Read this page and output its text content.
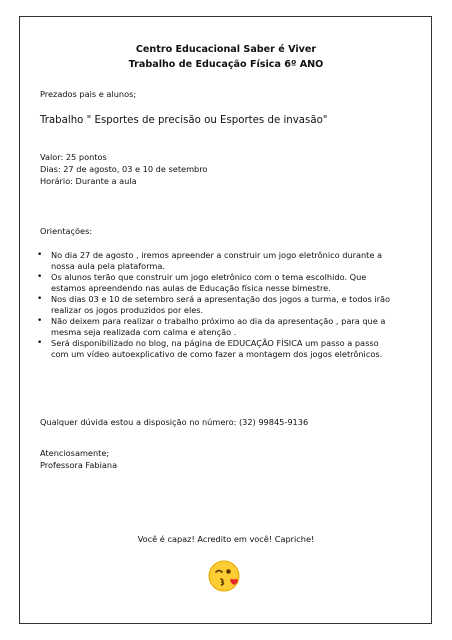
Centro Educacional Saber é Viver
Trabalho de Educação Física 6º ANO
Prezados pais e alunos;
Trabalho " Esportes de precisão ou Esportes de invasão"
Valor: 25 pontos
Dias: 27 de agosto, 03 e 10 de setembro
Horário: Durante a aula
Orientações:
• No dia 27 de agosto , iremos apreender a construir um jogo eletrônico durante a
nossa aula pela plataforma.
• Os alunos terão que construir um jogo eletrônico com o tema escolhido. Que
estamos apreendendo nas aulas de Educação física nesse bimestre.
• Nos dias 03 e 10 de setembro será a apresentação dos jogos a turma, e todos irão
realizar os jogos produzidos por eles.
• Não deixem para realizar o trabalho próximo ao dia da apresentação , para que a
mesma seja realizada com calma e atenção .
• Será disponibilizado no blog, na página de EDUCAÇÃO FÍSICA um passo a passo
com um vídeo autoexplicativo de como fazer a montagem dos jogos eletrônicos.
Qualquer dúvida estou a disposição no número: (32) 99845-9136
Atenciosamente;
Professora Fabiana
Você é capaz! Acredito em você! Capriche!
